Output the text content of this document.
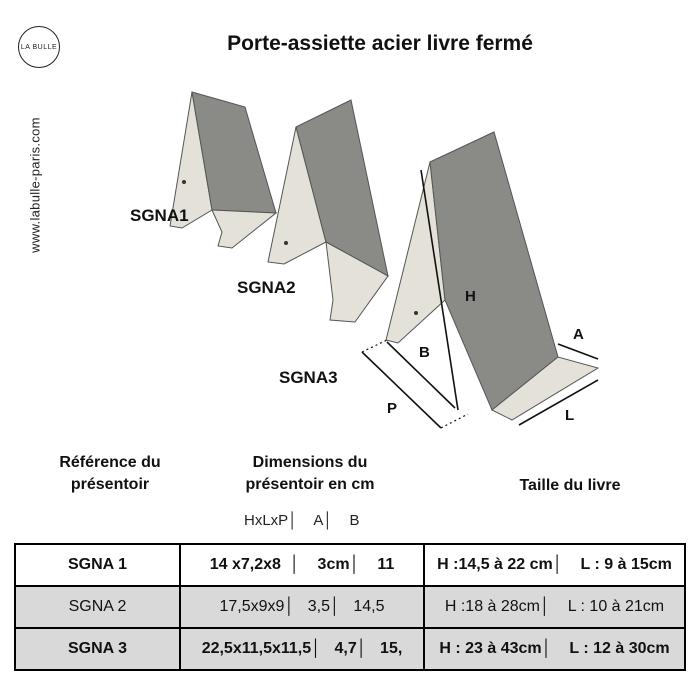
LA BULLE	Porte-assiette acier livre fermé
www.labulle-paris.com	SGNA1
SGNA2
SGNA3
H
A
B
P	L
Référence du présentoir
Dimensions du présentoir en cm	Taille du livre
HxLxP│    A│    B
SGNA 1	14 x7,2x8  │    3cm│    11	H :14,5 à 22 cm│    L : 9 à 15cm
SGNA 2	17,5x9x9│   3,5│   14,5	H :18 à 28cm│    L : 10 à 21cm
SGNA 3	22,5x11,5x11,5│   4,7│   15,	H : 23 à 43cm│    L : 12 à 30cm
